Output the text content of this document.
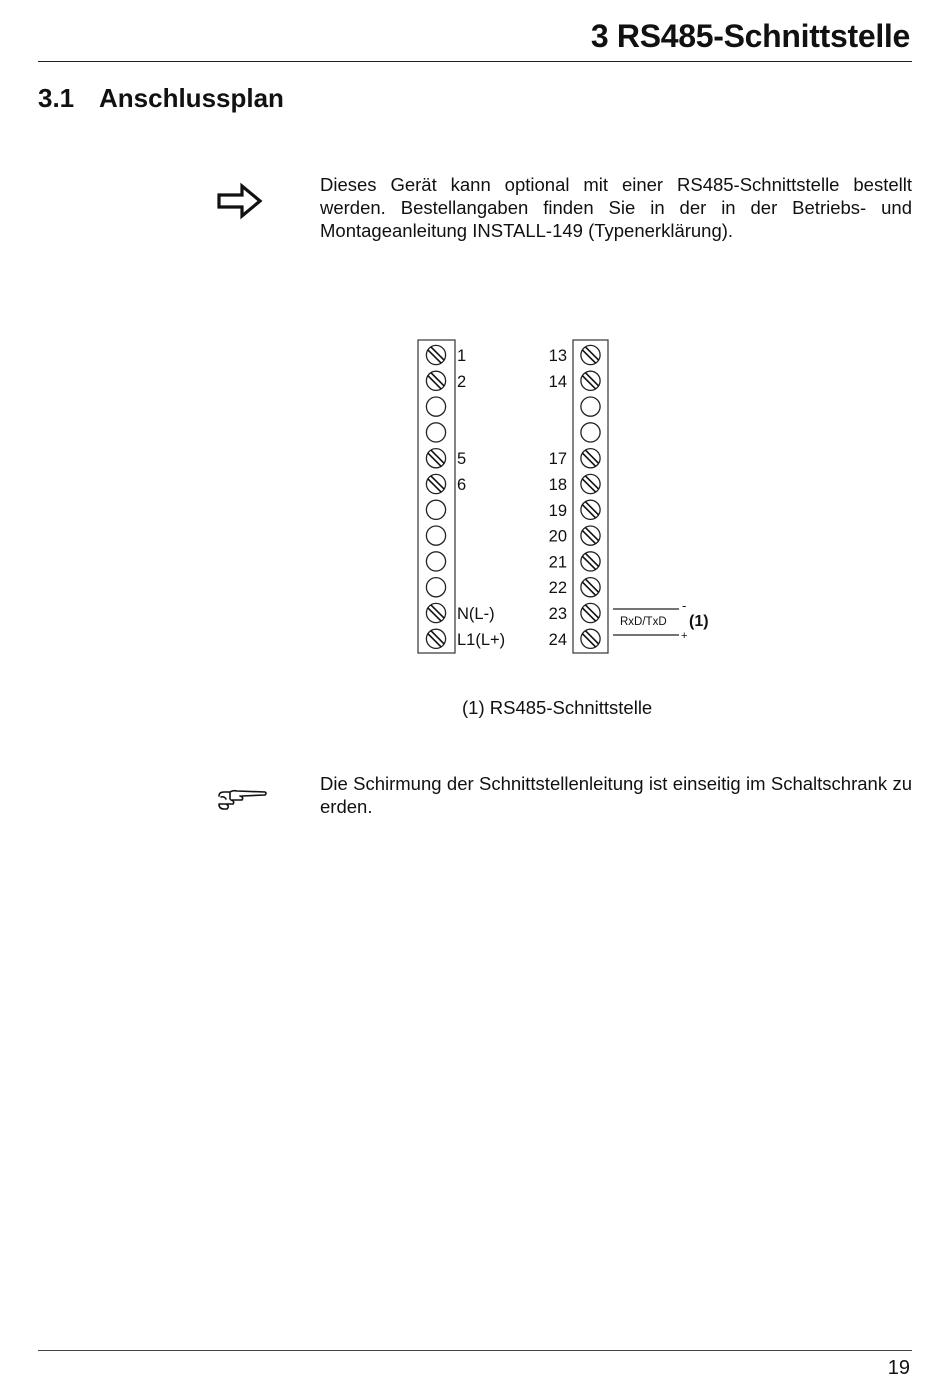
3 RS485-Schnittstelle
3.1 Anschlussplan
Dieses Gerät kann optional mit einer RS485-Schnittstelle bestellt werden. Bestellangaben finden Sie in der in der Betriebs- und Montageanleitung INSTALL-149 (Typenerklärung).
1
2
5
6
N(L-)
L1(L+)
13
14
17
18
19
20
21
22
23
24
RxD/TxD
-
+
(1)
(1) RS485-Schnittstelle
Die Schirmung der Schnittstellenleitung ist einseitig im Schaltschrank zu erden.
19
